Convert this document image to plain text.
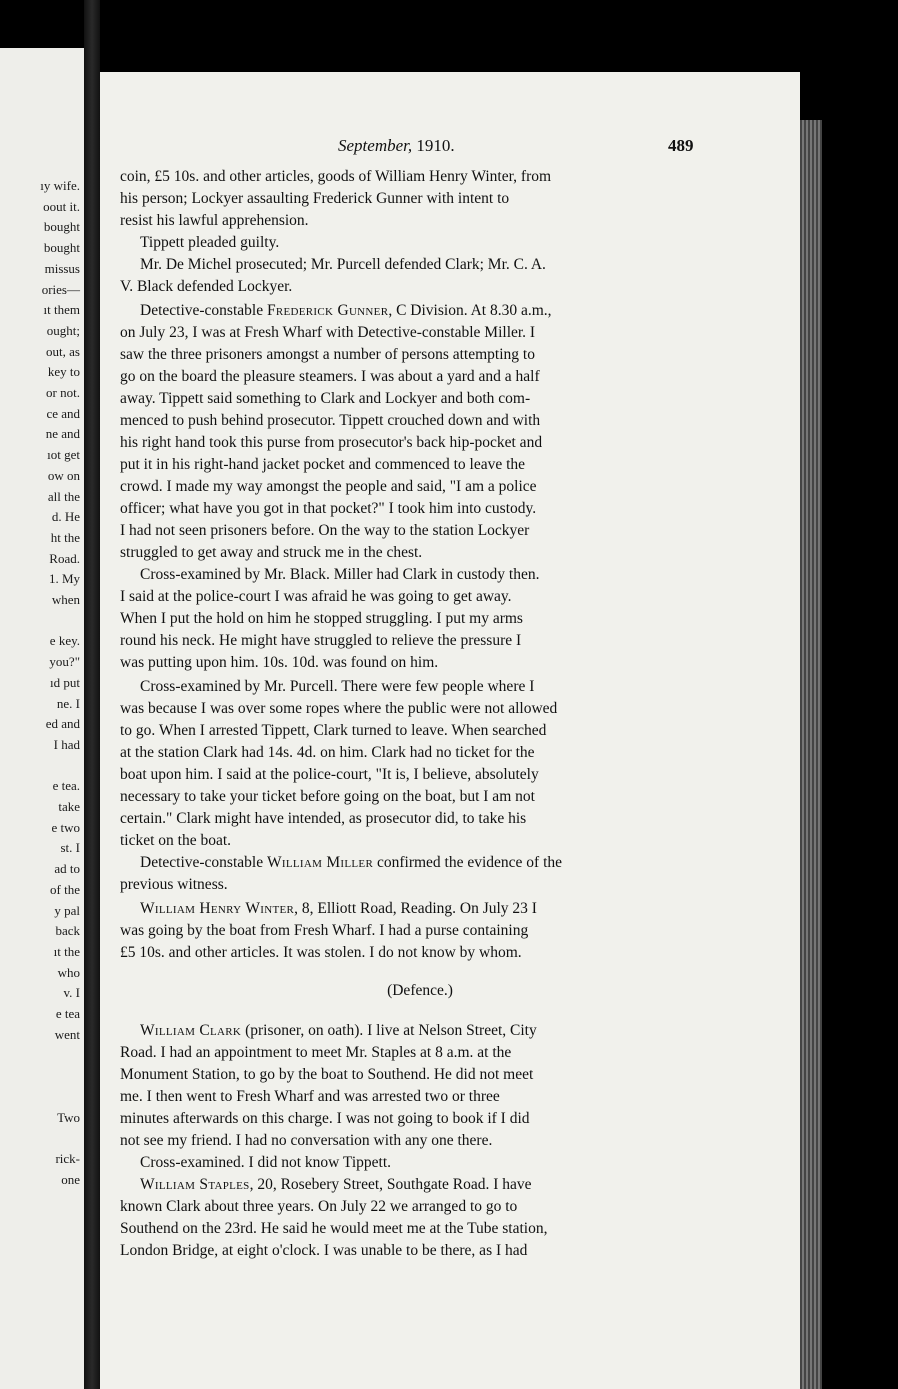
ıy wife.
oout it.
bought
bought
missus
ories—
ıt them
ought;
out, as
key to
or not.
ce and
ne and
ıot get
ow on
all the
d. He
ht the
Road.
1. My
when
e key.
you?"
ıd put
ne. I
ed and
I had
e tea.
take
e two
st. I
ad to
of the
y pal
back
ıt the
who
v. I
e tea
went
Two
rick-
one
September, 1910.	489
coin, £5 10s. and other articles, goods of William Henry Winter, from
his person; Lockyer assaulting Frederick Gunner with intent to
resist his lawful apprehension.
Tippett pleaded guilty.
Mr. De Michel prosecuted; Mr. Purcell defended Clark; Mr. C. A.
V. Black defended Lockyer.
Detective-constable Frederick Gunner, C Division. At 8.30 a.m.,
on July 23, I was at Fresh Wharf with Detective-constable Miller. I
saw the three prisoners amongst a number of persons attempting to
go on the board the pleasure steamers. I was about a yard and a half
away. Tippett said something to Clark and Lockyer and both com-
menced to push behind prosecutor. Tippett crouched down and with
his right hand took this purse from prosecutor's back hip-pocket and
put it in his right-hand jacket pocket and commenced to leave the
crowd. I made my way amongst the people and said, "I am a police
officer; what have you got in that pocket?" I took him into custody.
I had not seen prisoners before. On the way to the station Lockyer
struggled to get away and struck me in the chest.
Cross-examined by Mr. Black. Miller had Clark in custody then.
I said at the police-court I was afraid he was going to get away.
When I put the hold on him he stopped struggling. I put my arms
round his neck. He might have struggled to relieve the pressure I
was putting upon him. 10s. 10d. was found on him.
Cross-examined by Mr. Purcell. There were few people where I
was because I was over some ropes where the public were not allowed
to go. When I arrested Tippett, Clark turned to leave. When searched
at the station Clark had 14s. 4d. on him. Clark had no ticket for the
boat upon him. I said at the police-court, "It is, I believe, absolutely
necessary to take your ticket before going on the boat, but I am not
certain." Clark might have intended, as prosecutor did, to take his
ticket on the boat.
Detective-constable William Miller confirmed the evidence of the
previous witness.
William Henry Winter, 8, Elliott Road, Reading. On July 23 I
was going by the boat from Fresh Wharf. I had a purse containing
£5 10s. and other articles. It was stolen. I do not know by whom.
(Defence.)
William Clark (prisoner, on oath). I live at Nelson Street, City
Road. I had an appointment to meet Mr. Staples at 8 a.m. at the
Monument Station, to go by the boat to Southend. He did not meet
me. I then went to Fresh Wharf and was arrested two or three
minutes afterwards on this charge. I was not going to book if I did
not see my friend. I had no conversation with any one there.
Cross-examined. I did not know Tippett.
William Staples, 20, Rosebery Street, Southgate Road. I have
known Clark about three years. On July 22 we arranged to go to
Southend on the 23rd. He said he would meet me at the Tube station,
London Bridge, at eight o'clock. I was unable to be there, as I had
